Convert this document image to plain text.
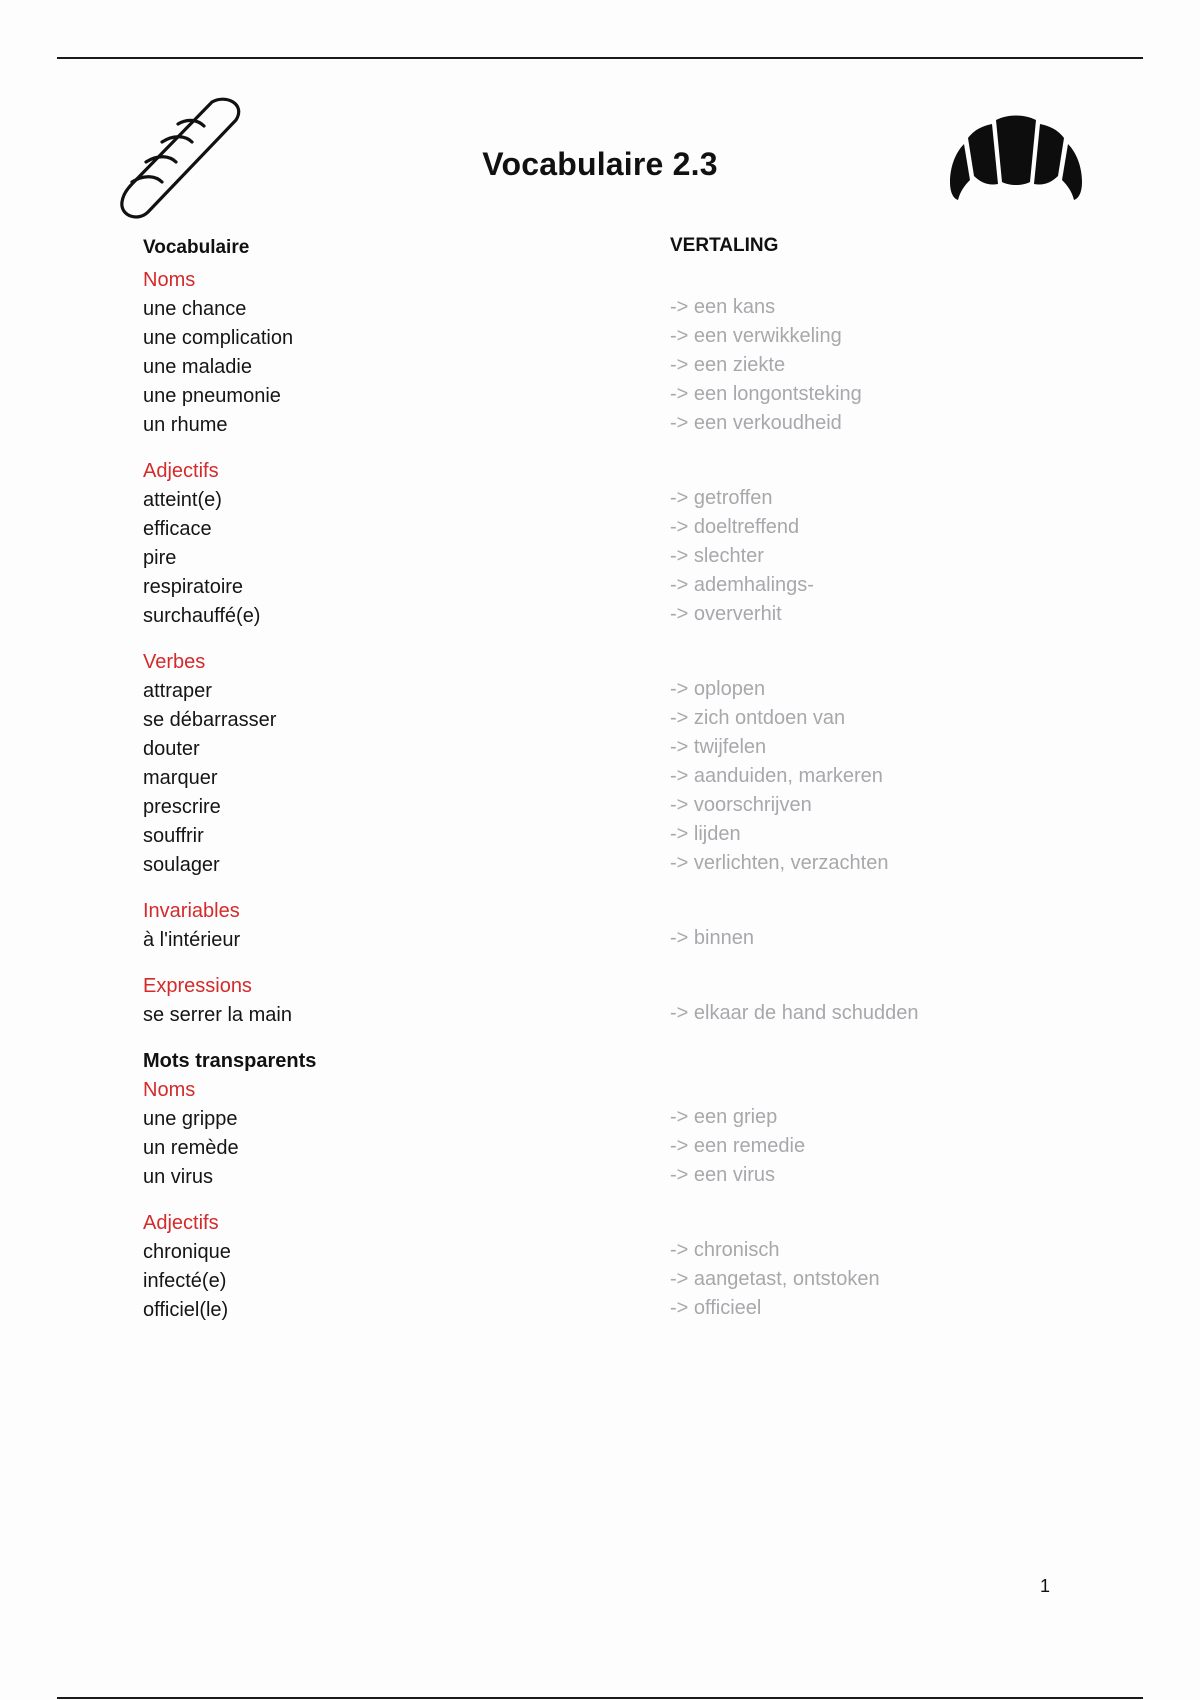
Vocabulaire 2.3
Vocabulaire	VERTALING
Noms
une chance	-> een kans
une complication	-> een verwikkeling
une maladie	-> een ziekte
une pneumonie	-> een longontsteking
un rhume	-> een verkoudheid
Adjectifs
atteint(e)	-> getroffen
efficace	-> doeltreffend
pire	-> slechter
respiratoire	-> ademhalings-
surchauffé(e)	-> oververhit
Verbes
attraper	-> oplopen
se débarrasser	-> zich ontdoen van
douter	-> twijfelen
marquer	-> aanduiden, markeren
prescrire	-> voorschrijven
souffrir	-> lijden
soulager	-> verlichten, verzachten
Invariables
à l'intérieur	-> binnen
Expressions
se serrer la main	-> elkaar de hand schudden
Mots transparents
Noms
une grippe	-> een griep
un remède	-> een remedie
un virus	-> een virus
Adjectifs
chronique	-> chronisch
infecté(e)	-> aangetast, ontstoken
officiel(le)	-> officieel
1
